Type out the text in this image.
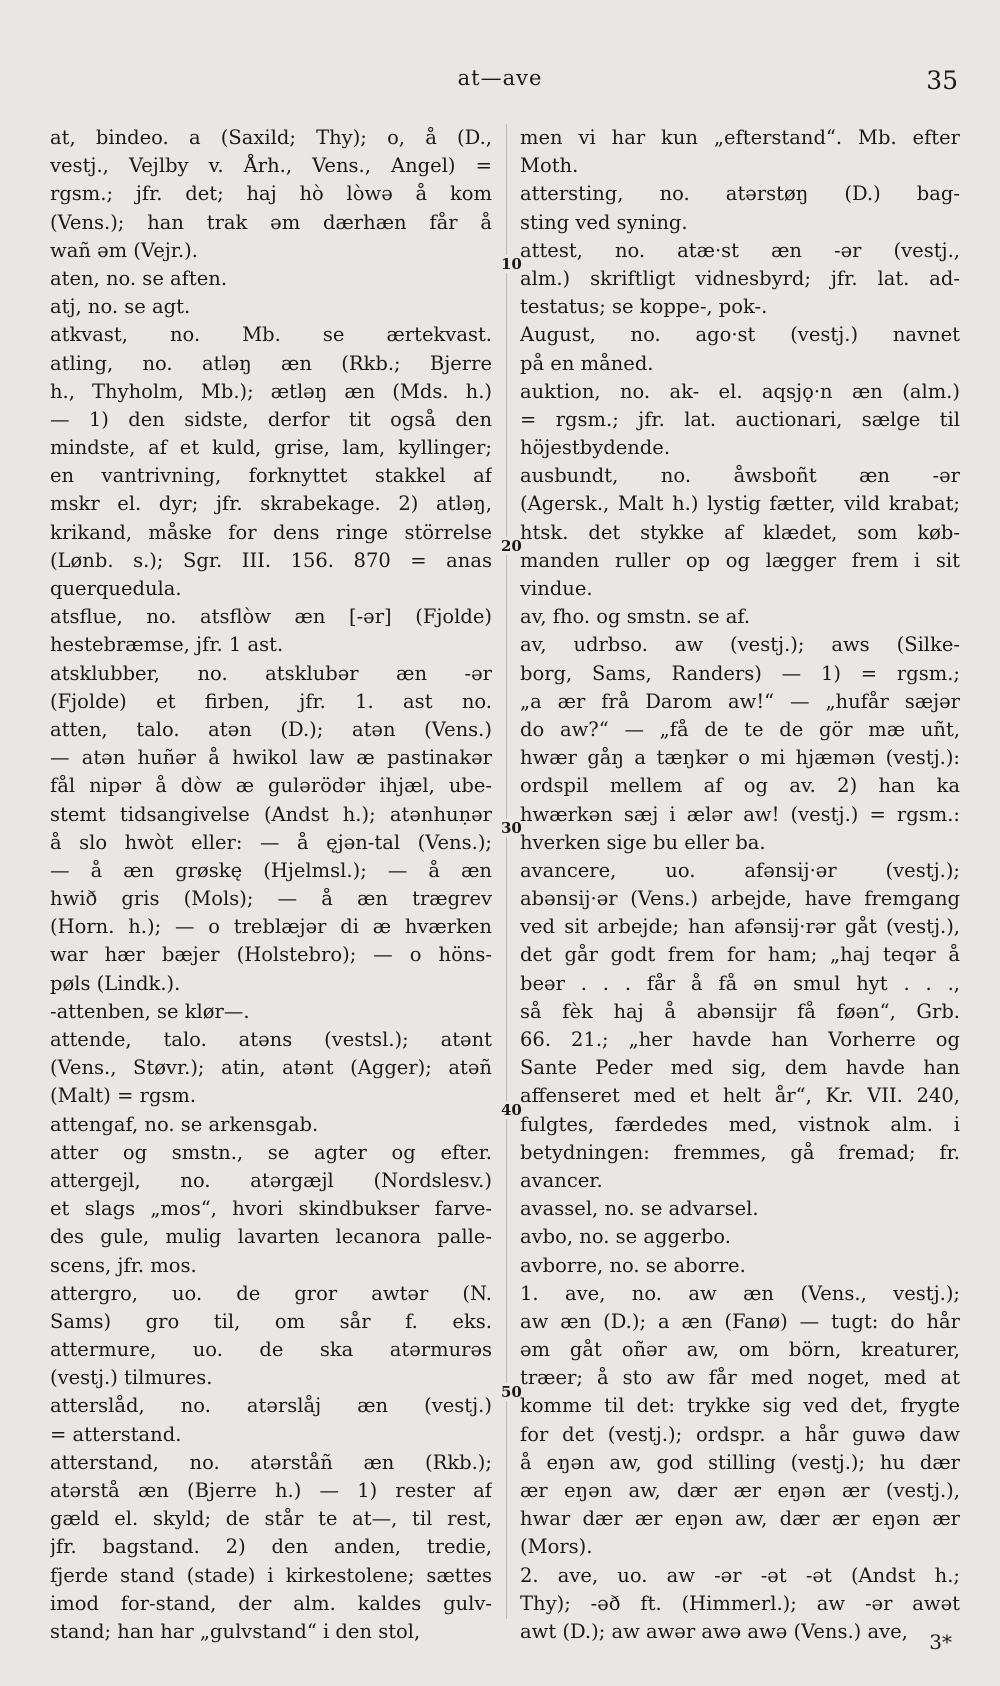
at—ave	35
10
20
30
40
50
at, bindeo. a (Saxild; Thy); o, å (D.,
vestj., Vejlby v. Årh., Vens., Angel) =
rgsm.; jfr. det; haj hò lòwə å kom
(Vens.); han trak əm dærhæn får å
wañ əm (Vejr.).
aten, no. se aften.
atj, no. se agt.
atkvast, no. Mb. se ærtekvast.
atling, no. atləŋ æn (Rkb.; Bjerre
h., Thyholm, Mb.); ætləŋ æn (Mds. h.)
— 1) den sidste, derfor tit også den
mindste, af et kuld, grise, lam, kyllinger;
en vantrivning, forknyttet stakkel af
mskr el. dyr; jfr. skrabekage. 2) atləŋ,
krikand, måske for dens ringe störrelse
(Lønb. s.); Sgr. III. 156. 870 = anas
querquedula.
atsflue, no. atsflòw æn [-ər] (Fjolde)
hestebræmse, jfr. 1 ast.
atsklubber, no. atsklubər æn -ər
(Fjolde) et firben, jfr. 1. ast no.
atten, talo. atən (D.); atən (Vens.)
— atən huñər å hwikol law æ pastinakər
fål nipər å dòw æ gulərödər ihjæl, ube-
stemt tidsangivelse (Andst h.); atənhuṇər
å slo hwòt eller: — å ęjən-tal (Vens.);
— å æn grøskę (Hjelmsl.); — å æn
hwið gris (Mols); — å æn trægrev
(Horn. h.); — o treblæjər di æ hværken
war hær bæjer (Holstebro); — o höns-
pøls (Lindk.).
-attenben, se klør—.
attende, talo. atəns (vestsl.); atənt
(Vens., Støvr.); atin, atənt (Agger); atəñ
(Malt) = rgsm.
attengaf, no. se arkensgab.
atter og smstn., se agter og efter.
attergejl, no. atərgæjl (Nordslesv.)
et slags „mos“, hvori skindbukser farve-
des gule, mulig lavarten lecanora palle-
scens, jfr. mos.
attergro, uo. de gror awtər (N.
Sams) gro til, om sår f. eks.
attermure, uo. de ska atərmurəs
(vestj.) tilmures.
atterslåd, no. atərslåj æn (vestj.)
= atterstand.
atterstand, no. atərståñ æn (Rkb.);
atərstå æn (Bjerre h.) — 1) rester af
gæld el. skyld; de står te at—, til rest,
jfr. bagstand. 2) den anden, tredie,
fjerde stand (stade) i kirkestolene; sættes
imod for-stand, der alm. kaldes gulv-
stand; han har „gulvstand“ i den stol,
men vi har kun „efterstand“. Mb. efter
Moth.
attersting, no. atərstøŋ (D.) bag-
sting ved syning.
attest, no. atæ·st æn -ər (vestj.,
alm.) skriftligt vidnesbyrd; jfr. lat. ad-
testatus; se koppe-, pok-.
August, no. ago·st (vestj.) navnet
på en måned.
auktion, no. ak- el. aqsjǫ·n æn (alm.)
= rgsm.; jfr. lat. auctionari, sælge til
höjestbydende.
ausbundt, no. åwsboñt æn -ər
(Agersk., Malt h.) lystig fætter, vild krabat;
htsk. det stykke af klædet, som køb-
manden ruller op og lægger frem i sit
vindue.
av, fho. og smstn. se af.
av, udrbso. aw (vestj.); aws (Silke-
borg, Sams, Randers) — 1) = rgsm.;
„a ær frå Darom aw!“ — „hufår sæjər
do aw?“ — „få de te de gör mæ uñt,
hwær gåŋ a tæŋkər o mi hjæmən (vestj.):
ordspil mellem af og av. 2) han ka
hwærkən sæj i ælər aw! (vestj.) = rgsm.:
hverken sige bu eller ba.
avancere, uo. afənsij·ər (vestj.);
abənsij·ər (Vens.) arbejde, have fremgang
ved sit arbejde; han afənsij·rər gåt (vestj.),
det går godt frem for ham; „haj teqər å
beər . . . får å få ən smul hyt . . .,
så fèk haj å abənsijr få føən“, Grb.
66. 21.; „her havde han Vorherre og
Sante Peder med sig, dem havde han
affenseret med et helt år“, Kr. VII. 240,
fulgtes, færdedes med, vistnok alm. i
betydningen: fremmes, gå fremad; fr.
avancer.
avassel, no. se advarsel.
avbo, no. se aggerbo.
avborre, no. se aborre.
1. ave, no. aw æn (Vens., vestj.);
aw æn (D.); a æn (Fanø) — tugt: do hår
əm gåt oñər aw, om börn, kreaturer,
træer; å sto aw får med noget, med at
komme til det: trykke sig ved det, frygte
for det (vestj.); ordspr. a hår guwə daw
å eŋən aw, god stilling (vestj.); hu dær
ær eŋən aw, dær ær eŋən ær (vestj.),
hwar dær ær eŋən aw, dær ær eŋən ær
(Mors).
2. ave, uo. aw -ər -ət -ət (Andst h.;
Thy); -əð ft. (Himmerl.); aw -ər awət
awt (D.); aw awər awə awə (Vens.) ave,	3*
